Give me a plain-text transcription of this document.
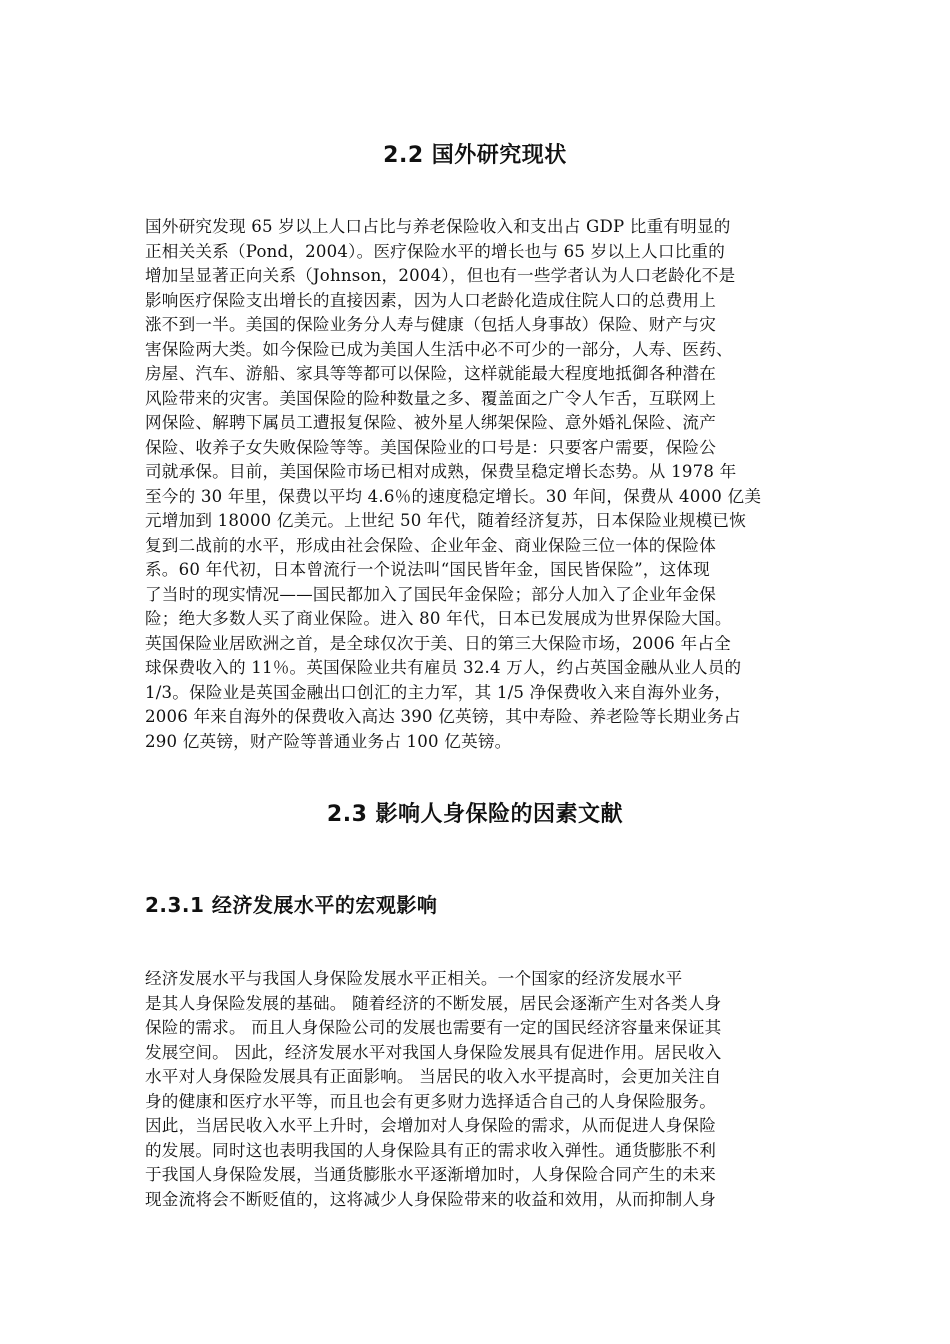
2.2 国外研究现状
国外研究发现 65 岁以上人口占比与养老保险收入和支出占 GDP 比重有明显的
正相关关系（Pond，2004）。医疗保险水平的增长也与 65 岁以上人口比重的
增加呈显著正向关系（Johnson，2004），但也有一些学者认为人口老龄化不是
影响医疗保险支出增长的直接因素，因为人口老龄化造成住院人口的总费用上
涨不到一半。美国的保险业务分人寿与健康（包括人身事故）保险、财产与灾
害保险两大类。如今保险已成为美国人生活中必不可少的一部分，人寿、医药、
房屋、汽车、游船、家具等等都可以保险，这样就能最大程度地抵御各种潜在
风险带来的灾害。美国保险的险种数量之多、覆盖面之广令人乍舌，互联网上
网保险、解聘下属员工遭报复保险、被外星人绑架保险、意外婚礼保险、流产
保险、收养子女失败保险等等。美国保险业的口号是：只要客户需要，保险公
司就承保。目前，美国保险市场已相对成熟，保费呈稳定增长态势。从 1978 年
至今的 30 年里，保费以平均 4.6％的速度稳定增长。30 年间，保费从 4000 亿美
元增加到 18000 亿美元。上世纪 50 年代，随着经济复苏，日本保险业规模已恢
复到二战前的水平，形成由社会保险、企业年金、商业保险三位一体的保险体
系。60 年代初，日本曾流行一个说法叫“国民皆年金，国民皆保险”，这体现
了当时的现实情况——国民都加入了国民年金保险；部分人加入了企业年金保
险；绝大多数人买了商业保险。进入 80 年代，日本已发展成为世界保险大国。
英国保险业居欧洲之首，是全球仅次于美、日的第三大保险市场，2006 年占全
球保费收入的 11％。英国保险业共有雇员 32.4 万人，约占英国金融从业人员的
1/3。保险业是英国金融出口创汇的主力军，其 1/5 净保费收入来自海外业务，
2006 年来自海外的保费收入高达 390 亿英镑，其中寿险、养老险等长期业务占
290 亿英镑，财产险等普通业务占 100 亿英镑。
2.3 影响人身保险的因素文献
2.3.1 经济发展水平的宏观影响
经济发展水平与我国人身保险发展水平正相关。一个国家的经济发展水平
是其人身保险发展的基础。 随着经济的不断发展，居民会逐渐产生对各类人身
保险的需求。 而且人身保险公司的发展也需要有一定的国民经济容量来保证其
发展空间。 因此，经济发展水平对我国人身保险发展具有促进作用。居民收入
水平对人身保险发展具有正面影响。 当居民的收入水平提高时，会更加关注自
身的健康和医疗水平等，而且也会有更多财力选择适合自己的人身保险服务。
因此，当居民收入水平上升时，会增加对人身保险的需求，从而促进人身保险
的发展。同时这也表明我国的人身保险具有正的需求收入弹性。通货膨胀不利
于我国人身保险发展，当通货膨胀水平逐渐增加时，人身保险合同产生的未来
现金流将会不断贬值的，这将减少人身保险带来的收益和效用，从而抑制人身
